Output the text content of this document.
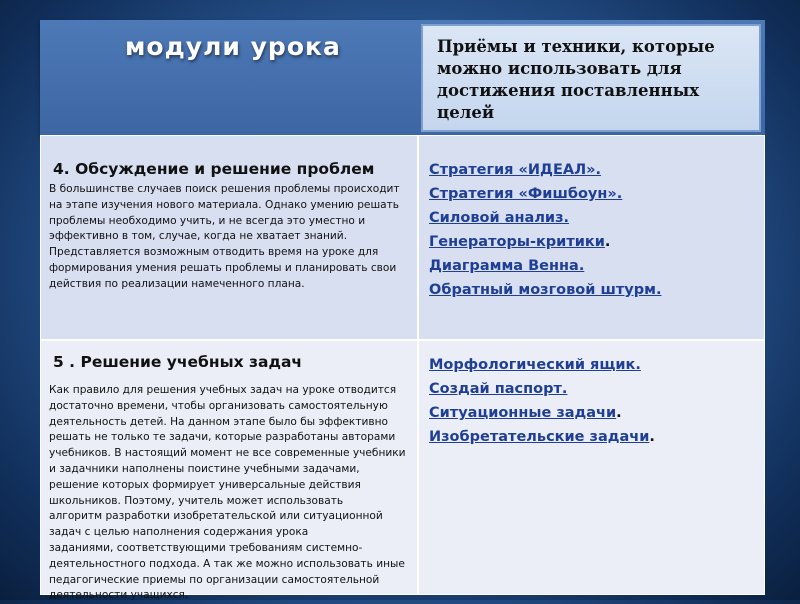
модули урока	Приёмы и техники, которые
можно использовать для
достижения поставленных
целей
4. Обсуждение и решение проблем
В большинстве случаев поиск решения проблемы происходит
на этапе изучения нового материала. Однако умению решать
проблемы необходимо учить, и не всегда это уместно и
эффективно в том, случае, когда не хватает знаний.
Представляется возможным отводить время на уроке для
формирования умения решать проблемы и планировать свои
действия по реализации намеченного плана.
Стратегия «ИДЕАЛ».
Стратегия «Фишбоун».
Силовой анализ.
Генераторы-критики.
Диаграмма Венна.
Обратный мозговой штурм.
5 . Решение учебных задач
Как правило для решения учебных задач на уроке отводится
достаточно времени, чтобы организовать самостоятельную
деятельность детей. На данном этапе было бы эффективно
решать не только те задачи, которые разработаны авторами
учебников. В настоящий момент не все современные учебники
и задачники наполнены поистине учебными задачами,
решение которых формирует универсальные действия
школьников. Поэтому, учитель может использовать
алгоритм разработки изобретательской или ситуационной
задач с целью наполнения содержания урока
заданиями, соответствующими требованиям системно-
деятельностного подхода. А так же можно использовать иные
педагогические приемы по организации самостоятельной
деятельности учащихся.
Морфологический ящик.
Создай паспорт.
Ситуационные задачи.
Изобретательские задачи.
